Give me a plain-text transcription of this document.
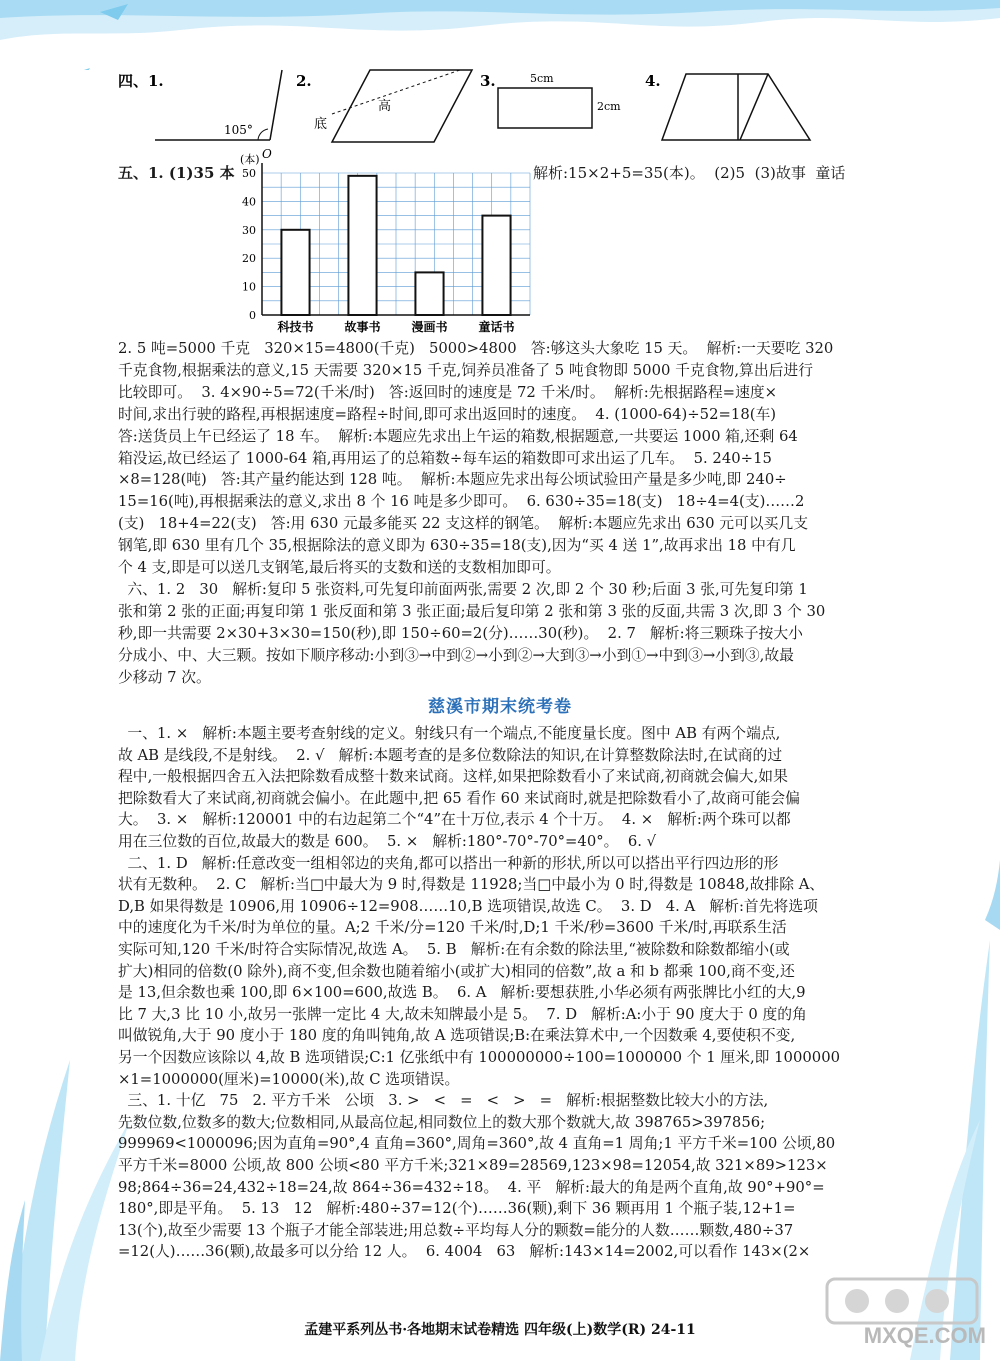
四、1.
105°
O
2.
高
底
3.	5cm
2cm
4.
五、1. (1)35 本	解析:15×2+5=35(本)。  (2)5  (3)故事  童话
(本)
0
10
20
30
40
50
科技书	故事书	漫画书	童话书
2. 5 吨=5000 千克   320×15=4800(千克)   5000>4800   答:够这头大象吃 15 天。  解析:一天要吃 320
千克食物,根据乘法的意义,15 天需要 320×15 千克,饲养员准备了 5 吨食物即 5000 千克食物,算出后进行
比较即可。  3. 4×90÷5=72(千米/时)   答:返回时的速度是 72 千米/时。  解析:先根据路程=速度×
时间,求出行驶的路程,再根据速度=路程÷时间,即可求出返回时的速度。  4. (1000-64)÷52=18(车)
答:送货员上午已经运了 18 车。  解析:本题应先求出上午运的箱数,根据题意,一共要运 1000 箱,还剩 64
箱没运,故已经运了 1000-64 箱,再用运了的总箱数÷每车运的箱数即可求出运了几车。  5. 240÷15
×8=128(吨)   答:其产量约能达到 128 吨。  解析:本题应先求出每公顷试验田产量是多少吨,即 240÷
15=16(吨),再根据乘法的意义,求出 8 个 16 吨是多少即可。  6. 630÷35=18(支)   18÷4=4(支)……2
(支)   18+4=22(支)   答:用 630 元最多能买 22 支这样的钢笔。  解析:本题应先求出 630 元可以买几支
钢笔,即 630 里有几个 35,根据除法的意义即为 630÷35=18(支),因为“买 4 送 1”,故再求出 18 中有几
个 4 支,即是可以送几支钢笔,最后将买的支数和送的支数相加即可。
六、1. 2   30   解析:复印 5 张资料,可先复印前面两张,需要 2 次,即 2 个 30 秒;后面 3 张,可先复印第 1
张和第 2 张的正面;再复印第 1 张反面和第 3 张正面;最后复印第 2 张和第 3 张的反面,共需 3 次,即 3 个 30
秒,即一共需要 2×30+3×30=150(秒),即 150÷60=2(分)……30(秒)。  2. 7   解析:将三颗珠子按大小
分成小、中、大三颗。按如下顺序移动:小到③→中到②→小到②→大到③→小到①→中到③→小到③,故最
少移动 7 次。
一、1. ×   解析:本题主要考查射线的定义。射线只有一个端点,不能度量长度。图中 AB 有两个端点,
故 AB 是线段,不是射线。  2. √   解析:本题考查的是多位数除法的知识,在计算整数除法时,在试商的过
程中,一般根据四舍五入法把除数看成整十数来试商。这样,如果把除数看小了来试商,初商就会偏大,如果
把除数看大了来试商,初商就会偏小。在此题中,把 65 看作 60 来试商时,就是把除数看小了,故商可能会偏
大。  3. ×   解析:120001 中的右边起第二个“4”在十万位,表示 4 个十万。  4. ×   解析:两个珠可以都
用在三位数的百位,故最大的数是 600。  5. ×   解析:180°-70°-70°=40°。  6. √
二、1. D   解析:任意改变一组相邻边的夹角,都可以搭出一种新的形状,所以可以搭出平行四边形的形
状有无数种。  2. C   解析:当□中最大为 9 时,得数是 11928;当□中最小为 0 时,得数是 10848,故排除 A、
D,B 如果得数是 10906,用 10906÷12=908……10,B 选项错误,故选 C。  3. D   4. A   解析:首先将选项
中的速度化为千米/时为单位的量。A;2 千米/分=120 千米/时,D;1 千米/秒=3600 千米/时,再联系生活
实际可知,120 千米/时符合实际情况,故选 A。  5. B   解析:在有余数的除法里,“被除数和除数都缩小(或
扩大)相同的倍数(0 除外),商不变,但余数也随着缩小(或扩大)相同的倍数”,故 a 和 b 都乘 100,商不变,还
是 13,但余数也乘 100,即 6×100=600,故选 B。  6. A   解析:要想获胜,小华必须有两张牌比小红的大,9
比 7 大,3 比 10 小,故另一张牌一定比 4 大,故未知牌最小是 5。  7. D   解析:A:小于 90 度大于 0 度的角
叫做锐角,大于 90 度小于 180 度的角叫钝角,故 A 选项错误;B:在乘法算术中,一个因数乘 4,要使积不变,
另一个因数应该除以 4,故 B 选项错误;C:1 亿张纸中有 100000000÷100=1000000 个 1 厘米,即 1000000
×1=1000000(厘米)=10000(米),故 C 选项错误。
三、1. 十亿   75   2. 平方千米   公顷   3. >   <   =   <   >   =   解析:根据整数比较大小的方法,
先数位数,位数多的数大;位数相同,从最高位起,相同数位上的数大那个数就大,故 398765>397856;
999969<1000096;因为直角=90°,4 直角=360°,周角=360°,故 4 直角=1 周角;1 平方千米=100 公顷,80
平方千米=8000 公顷,故 800 公顷<80 平方千米;321×89=28569,123×98=12054,故 321×89>123×
98;864÷36=24,432÷18=24,故 864÷36=432÷18。  4. 平   解析:最大的角是两个直角,故 90°+90°=
180°,即是平角。  5. 13   12   解析:480÷37=12(个)……36(颗),剩下 36 颗再用 1 个瓶子装,12+1=
13(个),故至少需要 13 个瓶子才能全部装进;用总数÷平均每人分的颗数=能分的人数……颗数,480÷37
=12(人)……36(颗),故最多可以分给 12 人。  6. 4004   63   解析:143×14=2002,可以看作 143×(2×
慈溪市期末统考卷
孟建平系列丛书·各地期末试卷精选 四年级(上)数学(R) 24-11	MXQE.COM
